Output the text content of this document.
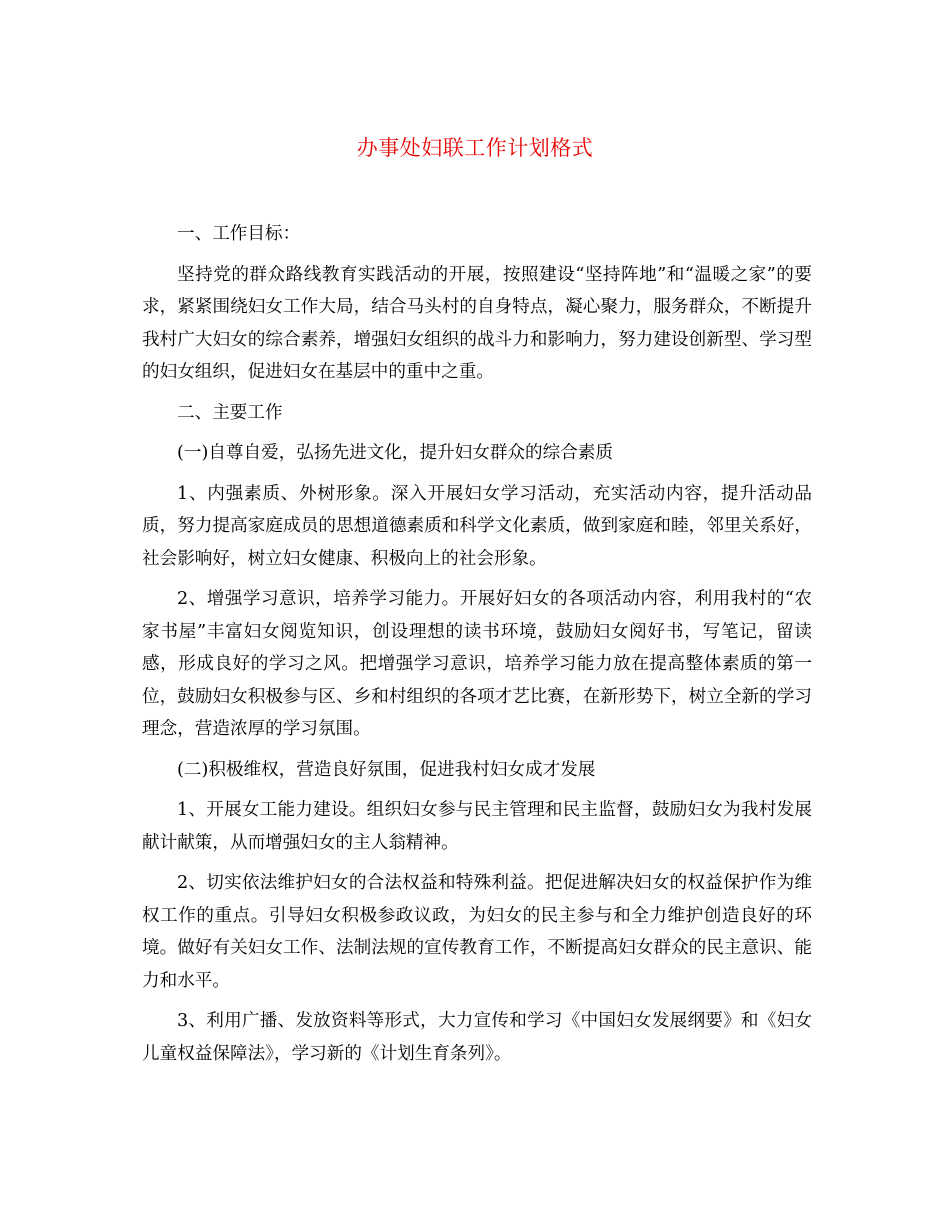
办事处妇联工作计划格式

一、工作目标：

坚持党的群众路线教育实践活动的开展，按照建设“坚持阵地”和“温暖之家”的要求，紧紧围绕妇女工作大局，结合马头村的自身特点，凝心聚力，服务群众，不断提升我村广大妇女的综合素养，增强妇女组织的战斗力和影响力，努力建设创新型、学习型的妇女组织，促进妇女在基层中的重中之重。

二、主要工作

(一)自尊自爱，弘扬先进文化，提升妇女群众的综合素质

1、内强素质、外树形象。深入开展妇女学习活动，充实活动内容，提升活动品质，努力提高家庭成员的思想道德素质和科学文化素质，做到家庭和睦，邻里关系好，社会影响好，树立妇女健康、积极向上的社会形象。

2、增强学习意识，培养学习能力。开展好妇女的各项活动内容，利用我村的“农家书屋”丰富妇女阅览知识，创设理想的读书环境，鼓励妇女阅好书，写笔记，留读感，形成良好的学习之风。把增强学习意识，培养学习能力放在提高整体素质的第一位，鼓励妇女积极参与区、乡和村组织的各项才艺比赛，在新形势下，树立全新的学习理念，营造浓厚的学习氛围。

(二)积极维权，营造良好氛围，促进我村妇女成才发展

1、开展女工能力建设。组织妇女参与民主管理和民主监督，鼓励妇女为我村发展献计献策，从而增强妇女的主人翁精神。

2、切实依法维护妇女的合法权益和特殊利益。把促进解决妇女的权益保护作为维权工作的重点。引导妇女积极参政议政，为妇女的民主参与和全力维护创造良好的环境。做好有关妇女工作、法制法规的宣传教育工作，不断提高妇女群众的民主意识、能力和水平。

3、利用广播、发放资料等形式，大力宣传和学习《中国妇女发展纲要》和《妇女儿童权益保障法》，学习新的《计划生育条列》。
